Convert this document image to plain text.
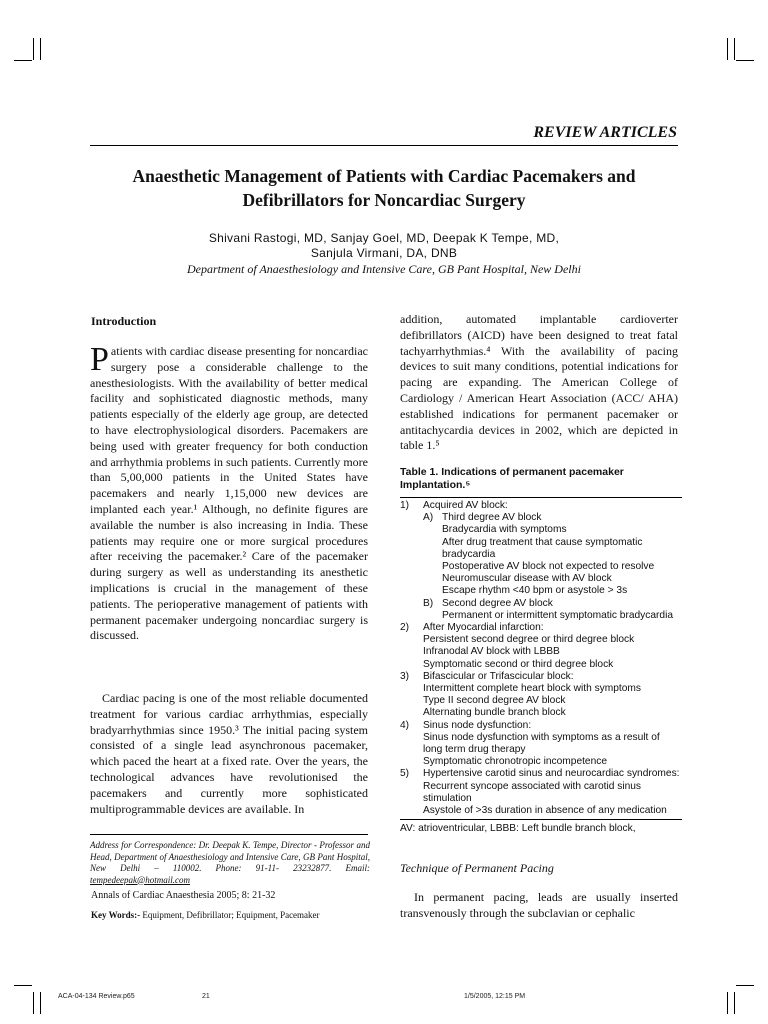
REVIEW ARTICLES
Anaesthetic Management of Patients with Cardiac Pacemakers and
Defibrillators for Noncardiac Surgery
Shivani Rastogi, MD, Sanjay Goel, MD, Deepak K Tempe, MD,
Sanjula Virmani, DA, DNB
Department of Anaesthesiology and Intensive Care, GB Pant Hospital, New Delhi
Introduction

Patients with cardiac disease presenting for noncardiac surgery pose a considerable challenge to the anesthesiologists. With the availability of better medical facility and sophisticated diagnostic methods, many patients especially of the elderly age group, are detected to have electrophysiological disorders. Pacemakers are being used with greater frequency for both conduction and arrhythmia problems in such patients. Currently more than 5,00,000 patients in the United States have pacemakers and nearly 1,15,000 new devices are implanted each year.¹ Although, no definite figures are available the number is also increasing in India. These patients may require one or more surgical procedures after receiving the pacemaker.² Care of the pacemaker during surgery as well as understanding its anesthetic implications is crucial in the management of these patients. The perioperative management of patients with permanent pacemaker undergoing noncardiac surgery is discussed.

Cardiac pacing is one of the most reliable documented treatment for various cardiac arrhythmias, especially bradyarrhythmias since 1950.³ The initial pacing system consisted of a single lead asynchronous pacemaker, which paced the heart at a fixed rate. Over the years, the technological advances have revolutionised the pacemakers and currently more sophisticated multiprogrammable devices are available. In

Address for Correspondence: Dr. Deepak K. Tempe, Director - Professor and Head, Department of Anaesthesiology and Intensive Care, GB Pant Hospital, New Delhi – 110002. Phone: 91-11- 23232877. Email: tempedeepak@hotmail.com
Annals of Cardiac Anaesthesia 2005; 8: 21-32
Key Words:- Equipment, Defibrillator; Equipment, Pacemaker

addition, automated implantable cardioverter defibrillators (AICD) have been designed to treat fatal tachyarrhythmias.⁴ With the availability of pacing devices to suit many conditions, potential indications for pacing are expanding. The American College of Cardiology / American Heart Association (ACC/ AHA) established indications for permanent pacemaker or antitachycardia devices in 2002, which are depicted in table 1.⁵

Table 1. Indications of permanent pacemaker
Implantation.⁵
1)	Acquired AV block:
A) Third degree AV block
Bradycardia with symptoms
After drug treatment that cause symptomatic
bradycardia
Postoperative AV block not expected to resolve
Neuromuscular disease with AV block
Escape rhythm <40 bpm or asystole > 3s
B) Second degree AV block
Permanent or intermittent symptomatic bradycardia
2)	After Myocardial infarction:
Persistent second degree or third degree block
Infranodal AV block with LBBB
Symptomatic second or third degree block
3)	Bifascicular or Trifascicular block:
Intermittent complete heart block with symptoms
Type II second degree AV block
Alternating bundle branch block
4)	Sinus node dysfunction:
Sinus node dysfunction with symptoms as a result of
long term drug therapy
Symptomatic chronotropic incompetence
5)	Hypertensive carotid sinus and neurocardiac syndromes:
Recurrent syncope associated with carotid sinus
stimulation
Asystole of >3s duration in absence of any medication
AV: atrioventricular, LBBB: Left bundle branch block,
Technique of Permanent Pacing

In permanent pacing, leads are usually inserted transvenously through the subclavian or cephalic

ACA-04-134 Review.p65	21	1/5/2005, 12:15 PM
